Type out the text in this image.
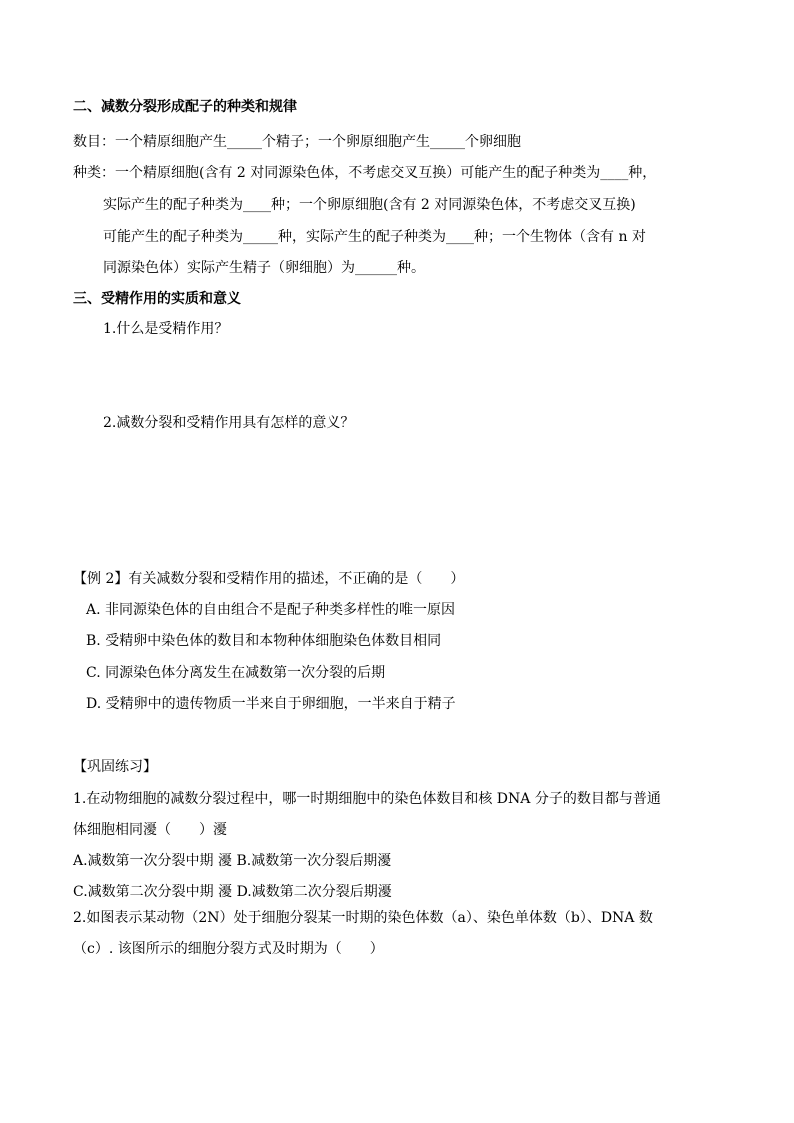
二、减数分裂形成配子的种类和规律
数目：一个精原细胞产生_____个精子；一个卵原细胞产生_____个卵细胞
种类：一个精原细胞(含有 2 对同源染色体，不考虑交叉互换）可能产生的配子种类为____种，
实际产生的配子种类为____种；一个卵原细胞(含有 2 对同源染色体，不考虑交叉互换)
可能产生的配子种类为_____种，实际产生的配子种类为____种；一个生物体（含有 n 对
同源染色体）实际产生精子（卵细胞）为______种。
三、受精作用的实质和意义
1.什么是受精作用？
2.减数分裂和受精作用具有怎样的意义？
【例 2】有关减数分裂和受精作用的描述，不正确的是（　　）
A. 非同源染色体的自由组合不是配子种类多样性的唯一原因
B. 受精卵中染色体的数目和本物种体细胞染色体数目相同
C. 同源染色体分离发生在减数第一次分裂的后期
D. 受精卵中的遗传物质一半来自于卵细胞，一半来自于精子
【巩固练习】
1.在动物细胞的减数分裂过程中，哪一时期细胞中的染色体数目和核 DNA 分子的数目都与普通
体细胞相同瀀（　　）瀀
A.减数第一次分裂中期 瀀 B.减数第一次分裂后期瀀
C.减数第二次分裂中期 瀀 D.减数第二次分裂后期瀀
2.如图表示某动物（2N）处于细胞分裂某一时期的染色体数（a）、染色单体数（b）、DNA 数
（c）. 该图所示的细胞分裂方式及时期为（　　）
